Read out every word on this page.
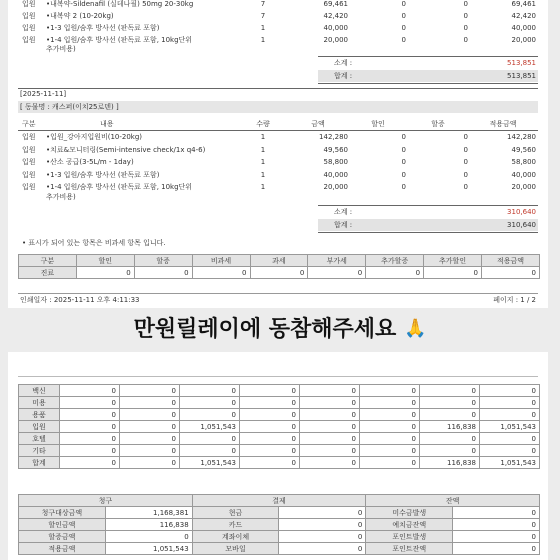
입원 •내복약-Sildenafil (실데나필) 50mg 20-30kg	7	69,461	0	0	69,461
입원 •내복약 2 (10-20kg)	7	42,420	0	0	42,420
입원 •1-3 입원/숨후 방사선 (판독료 포함)	1	40,000	0	0	40,000
입원 •1-4 입원/숨후 방사선 (판독료 포함, 10kg단위	1	20,000	0	0	20,000
추가비용)
소계 :	513,851
합계 :	513,851
[2025-11-11]
[ 동물명 : 캐스퍼(이치25로덴) ]
구분	내용	수량	금액	할인	할증	적용금액
입원 •입원_강아지입원비(10-20kg)	1	142,280	0	0	142,280
입원 •치료&모니터링(Semi-intensive check/1x q4-6)	1	49,560	0	0	49,560
입원 •산소 공급(3-5L/m - 1day)	1	58,800	0	0	58,800
입원 •1-3 입원/숨후 방사선 (판독료 포함)	1	40,000	0	0	40,000
입원 •1-4 입원/숨후 방사선 (판독료 포함, 10kg단위	1	20,000	0	0	20,000
추가비용)
소계 :	310,640
합계 :	310,640
• 표시가 되어 있는 항목은 비과세 항목 입니다.
구분	할인	할증	비과세	과세	부가세	추가할증	추가할인	적용금액
진료	0	0	0	0	0	0	0	0
인쇄일자 : 2025-11-11 오후 4:11:33	페이지 : 1 / 2
만원릴레이에 동참해주세요 🙏
백신	0	0	0	0	0	0	0	0
미용	0	0	0	0	0	0	0	0
용품	0	0	0	0	0	0	0	0
입원	0	0	1,051,543	0	0	0	116,838	1,051,543
호텔	0	0	0	0	0	0	0	0
기타	0	0	0	0	0	0	0	0
합계	0	0	1,051,543	0	0	0	116,838	1,051,543
청구		결제		잔액	
청구대상금액	1,168,381	현금	0	미수금발생	0
할인금액	116,838	카드	0	예치금잔액	0
할증금액	0	계좌이체	0	포인트발생	0
적용금액	1,051,543	모바일	0	포인트잔액	0
